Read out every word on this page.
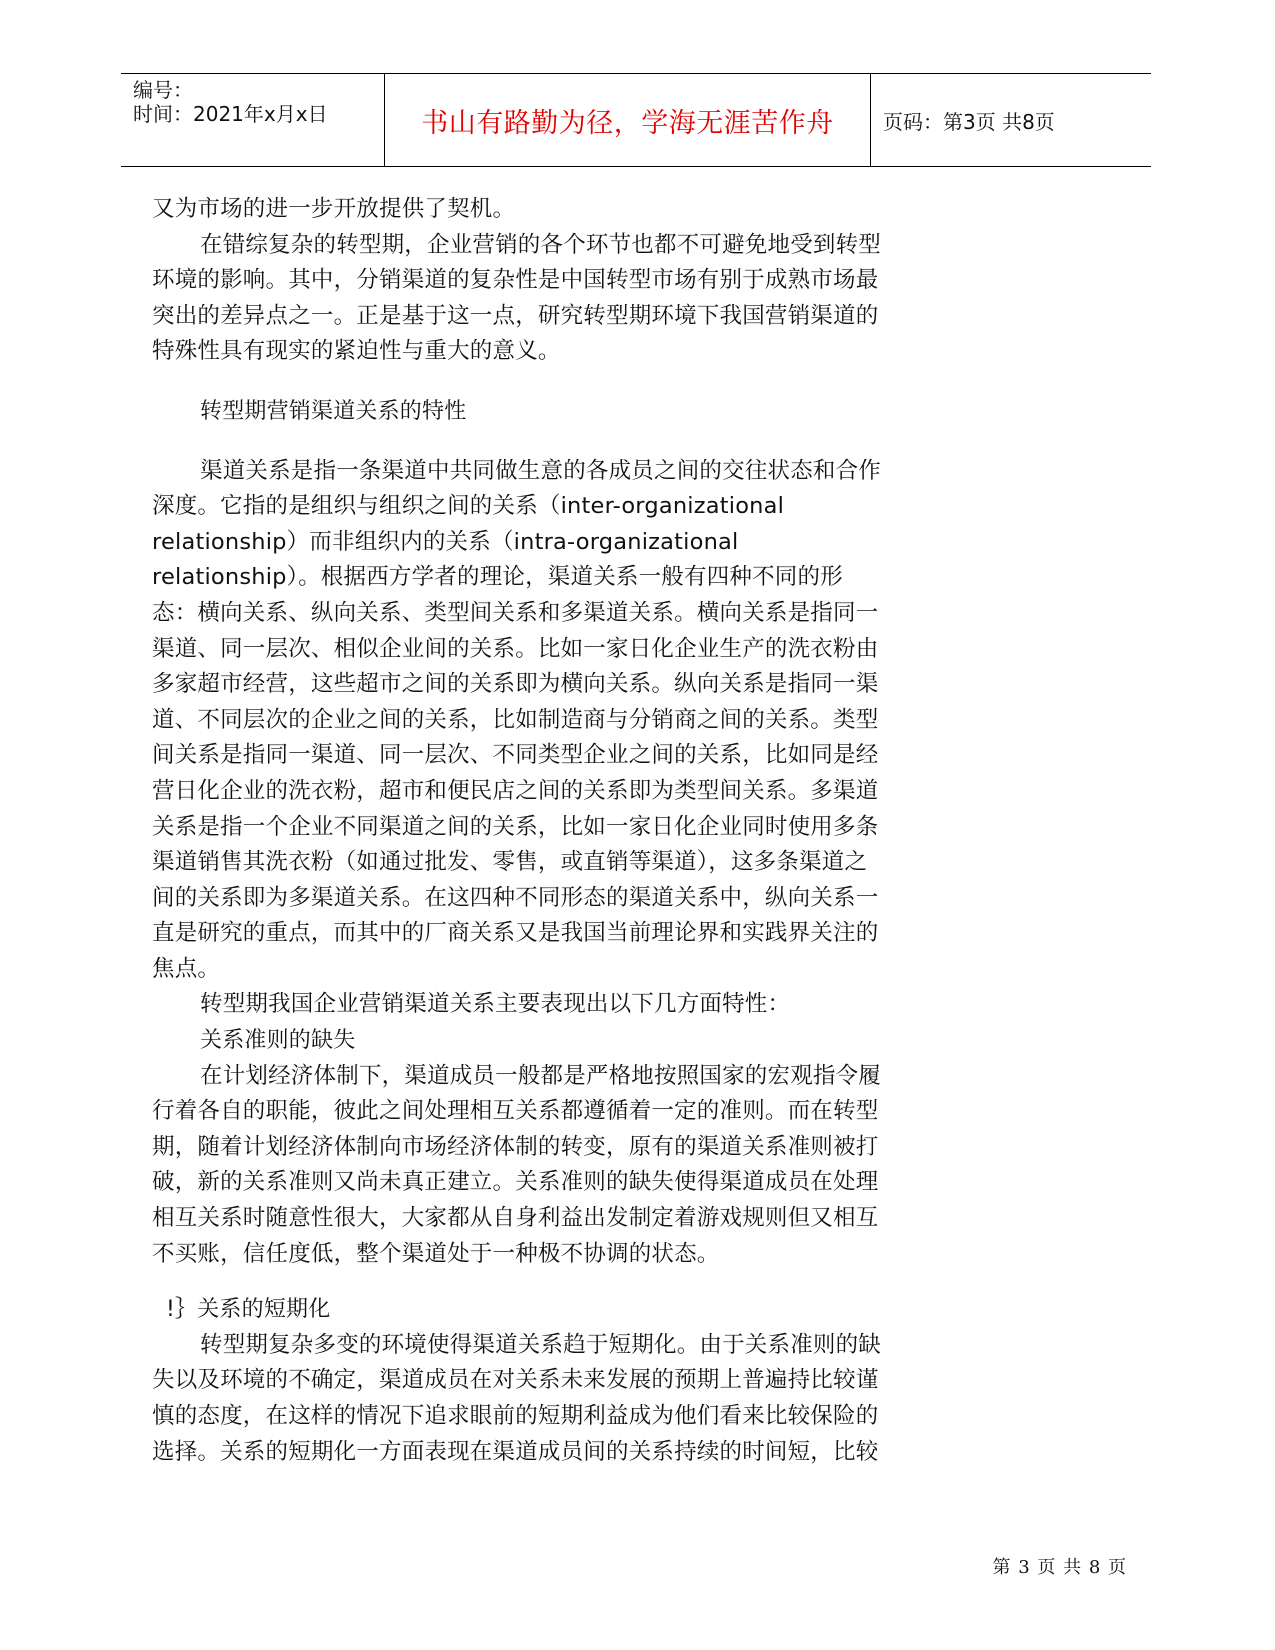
编号：
时间：2021年x月x日	书山有路勤为径，学海无涯苦作舟 页码：第3页 共8页
又为市场的进一步开放提供了契机。
在错综复杂的转型期，企业营销的各个环节也都不可避免地受到转型
环境的影响。其中，分销渠道的复杂性是中国转型市场有别于成熟市场最
突出的差异点之一。正是基于这一点，研究转型期环境下我国营销渠道的
特殊性具有现实的紧迫性与重大的意义。
转型期营销渠道关系的特性
渠道关系是指一条渠道中共同做生意的各成员之间的交往状态和合作
深度。它指的是组织与组织之间的关系（inter-organizational
relationship）而非组织内的关系（intra-organizational
relationship）。根据西方学者的理论，渠道关系一般有四种不同的形
态：横向关系、纵向关系、类型间关系和多渠道关系。横向关系是指同一
渠道、同一层次、相似企业间的关系。比如一家日化企业生产的洗衣粉由
多家超市经营，这些超市之间的关系即为横向关系。纵向关系是指同一渠
道、不同层次的企业之间的关系，比如制造商与分销商之间的关系。类型
间关系是指同一渠道、同一层次、不同类型企业之间的关系，比如同是经
营日化企业的洗衣粉，超市和便民店之间的关系即为类型间关系。多渠道
关系是指一个企业不同渠道之间的关系，比如一家日化企业同时使用多条
渠道销售其洗衣粉（如通过批发、零售，或直销等渠道），这多条渠道之
间的关系即为多渠道关系。在这四种不同形态的渠道关系中，纵向关系一
直是研究的重点，而其中的厂商关系又是我国当前理论界和实践界关注的
焦点。
转型期我国企业营销渠道关系主要表现出以下几方面特性：
关系准则的缺失
在计划经济体制下，渠道成员一般都是严格地按照国家的宏观指令履
行着各自的职能，彼此之间处理相互关系都遵循着一定的准则。而在转型
期，随着计划经济体制向市场经济体制的转变，原有的渠道关系准则被打
破，新的关系准则又尚未真正建立。关系准则的缺失使得渠道成员在处理
相互关系时随意性很大，大家都从自身利益出发制定着游戏规则但又相互
不买账，信任度低，整个渠道处于一种极不协调的状态。
!｝关系的短期化
转型期复杂多变的环境使得渠道关系趋于短期化。由于关系准则的缺
失以及环境的不确定，渠道成员在对关系未来发展的预期上普遍持比较谨
慎的态度，在这样的情况下追求眼前的短期利益成为他们看来比较保险的
选择。关系的短期化一方面表现在渠道成员间的关系持续的时间短，比较
第 3 页 共 8 页
